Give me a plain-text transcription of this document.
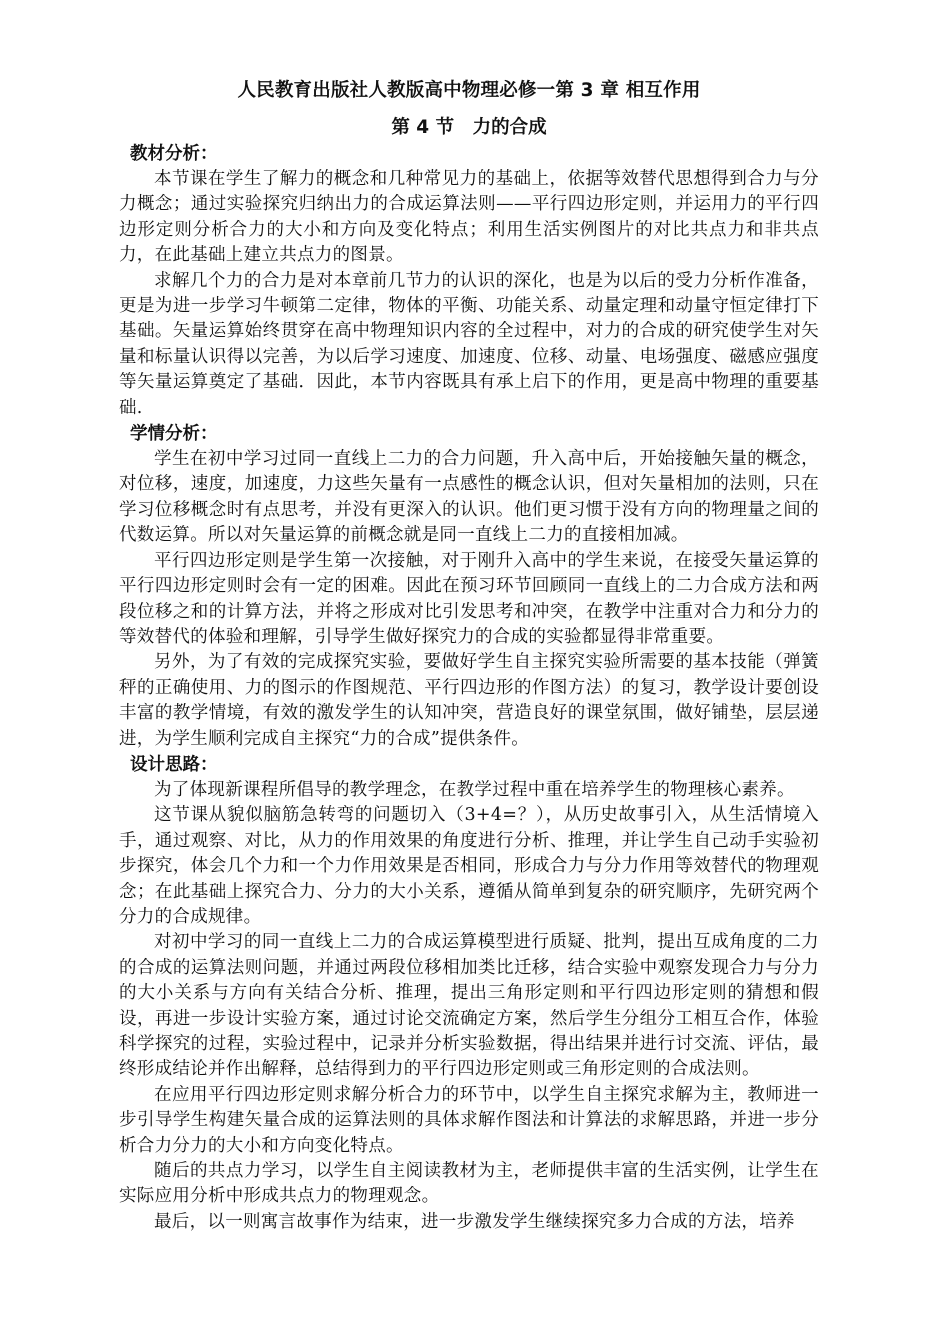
人民教育出版社人教版高中物理必修一第 3 章 相互作用
第 4 节　力的合成
教材分析：

本节课在学生了解力的概念和几种常见力的基础上，依据等效替代思想得到合力与分力概念；通过实验探究归纳出力的合成运算法则——平行四边形定则，并运用力的平行四边形定则分析合力的大小和方向及变化特点；利用生活实例图片的对比共点力和非共点力，在此基础上建立共点力的图景。

求解几个力的合力是对本章前几节力的认识的深化，也是为以后的受力分析作准备，更是为进一步学习牛顿第二定律，物体的平衡、功能关系、动量定理和动量守恒定律打下基础。矢量运算始终贯穿在高中物理知识内容的全过程中，对力的合成的研究使学生对矢量和标量认识得以完善，为以后学习速度、加速度、位移、动量、电场强度、磁感应强度等矢量运算奠定了基础．因此，本节内容既具有承上启下的作用，更是高中物理的重要基础.

学情分析：

学生在初中学习过同一直线上二力的合力问题，升入高中后，开始接触矢量的概念，对位移，速度，加速度，力这些矢量有一点感性的概念认识，但对矢量相加的法则，只在学习位移概念时有点思考，并没有更深入的认识。他们更习惯于没有方向的物理量之间的代数运算。所以对矢量运算的前概念就是同一直线上二力的直接相加减。

平行四边形定则是学生第一次接触，对于刚升入高中的学生来说，在接受矢量运算的平行四边形定则时会有一定的困难。因此在预习环节回顾同一直线上的二力合成方法和两段位移之和的计算方法，并将之形成对比引发思考和冲突，在教学中注重对合力和分力的等效替代的体验和理解，引导学生做好探究力的合成的实验都显得非常重要。

另外，为了有效的完成探究实验，要做好学生自主探究实验所需要的基本技能（弹簧秤的正确使用、力的图示的作图规范、平行四边形的作图方法）的复习，教学设计要创设丰富的教学情境，有效的激发学生的认知冲突，营造良好的课堂氛围，做好铺垫，层层递进，为学生顺利完成自主探究“力的合成”提供条件。

设计思路：

为了体现新课程所倡导的教学理念，在教学过程中重在培养学生的物理核心素养。

这节课从貌似脑筋急转弯的问题切入（3+4=？），从历史故事引入，从生活情境入手，通过观察、对比，从力的作用效果的角度进行分析、推理，并让学生自己动手实验初步探究，体会几个力和一个力作用效果是否相同，形成合力与分力作用等效替代的物理观念；在此基础上探究合力、分力的大小关系，遵循从简单到复杂的研究顺序，先研究两个分力的合成规律。

对初中学习的同一直线上二力的合成运算模型进行质疑、批判，提出互成角度的二力的合成的运算法则问题，并通过两段位移相加类比迁移，结合实验中观察发现合力与分力的大小关系与方向有关结合分析、推理，提出三角形定则和平行四边形定则的猜想和假设，再进一步设计实验方案，通过讨论交流确定方案，然后学生分组分工相互合作，体验科学探究的过程，实验过程中，记录并分析实验数据，得出结果并进行讨交流、评估，最终形成结论并作出解释，总结得到力的平行四边形定则或三角形定则的合成法则。

在应用平行四边形定则求解分析合力的环节中，以学生自主探究求解为主，教师进一步引导学生构建矢量合成的运算法则的具体求解作图法和计算法的求解思路，并进一步分析合力分力的大小和方向变化特点。

随后的共点力学习，以学生自主阅读教材为主，老师提供丰富的生活实例，让学生在实际应用分析中形成共点力的物理观念。

最后，以一则寓言故事作为结束，进一步激发学生继续探究多力合成的方法，培养
